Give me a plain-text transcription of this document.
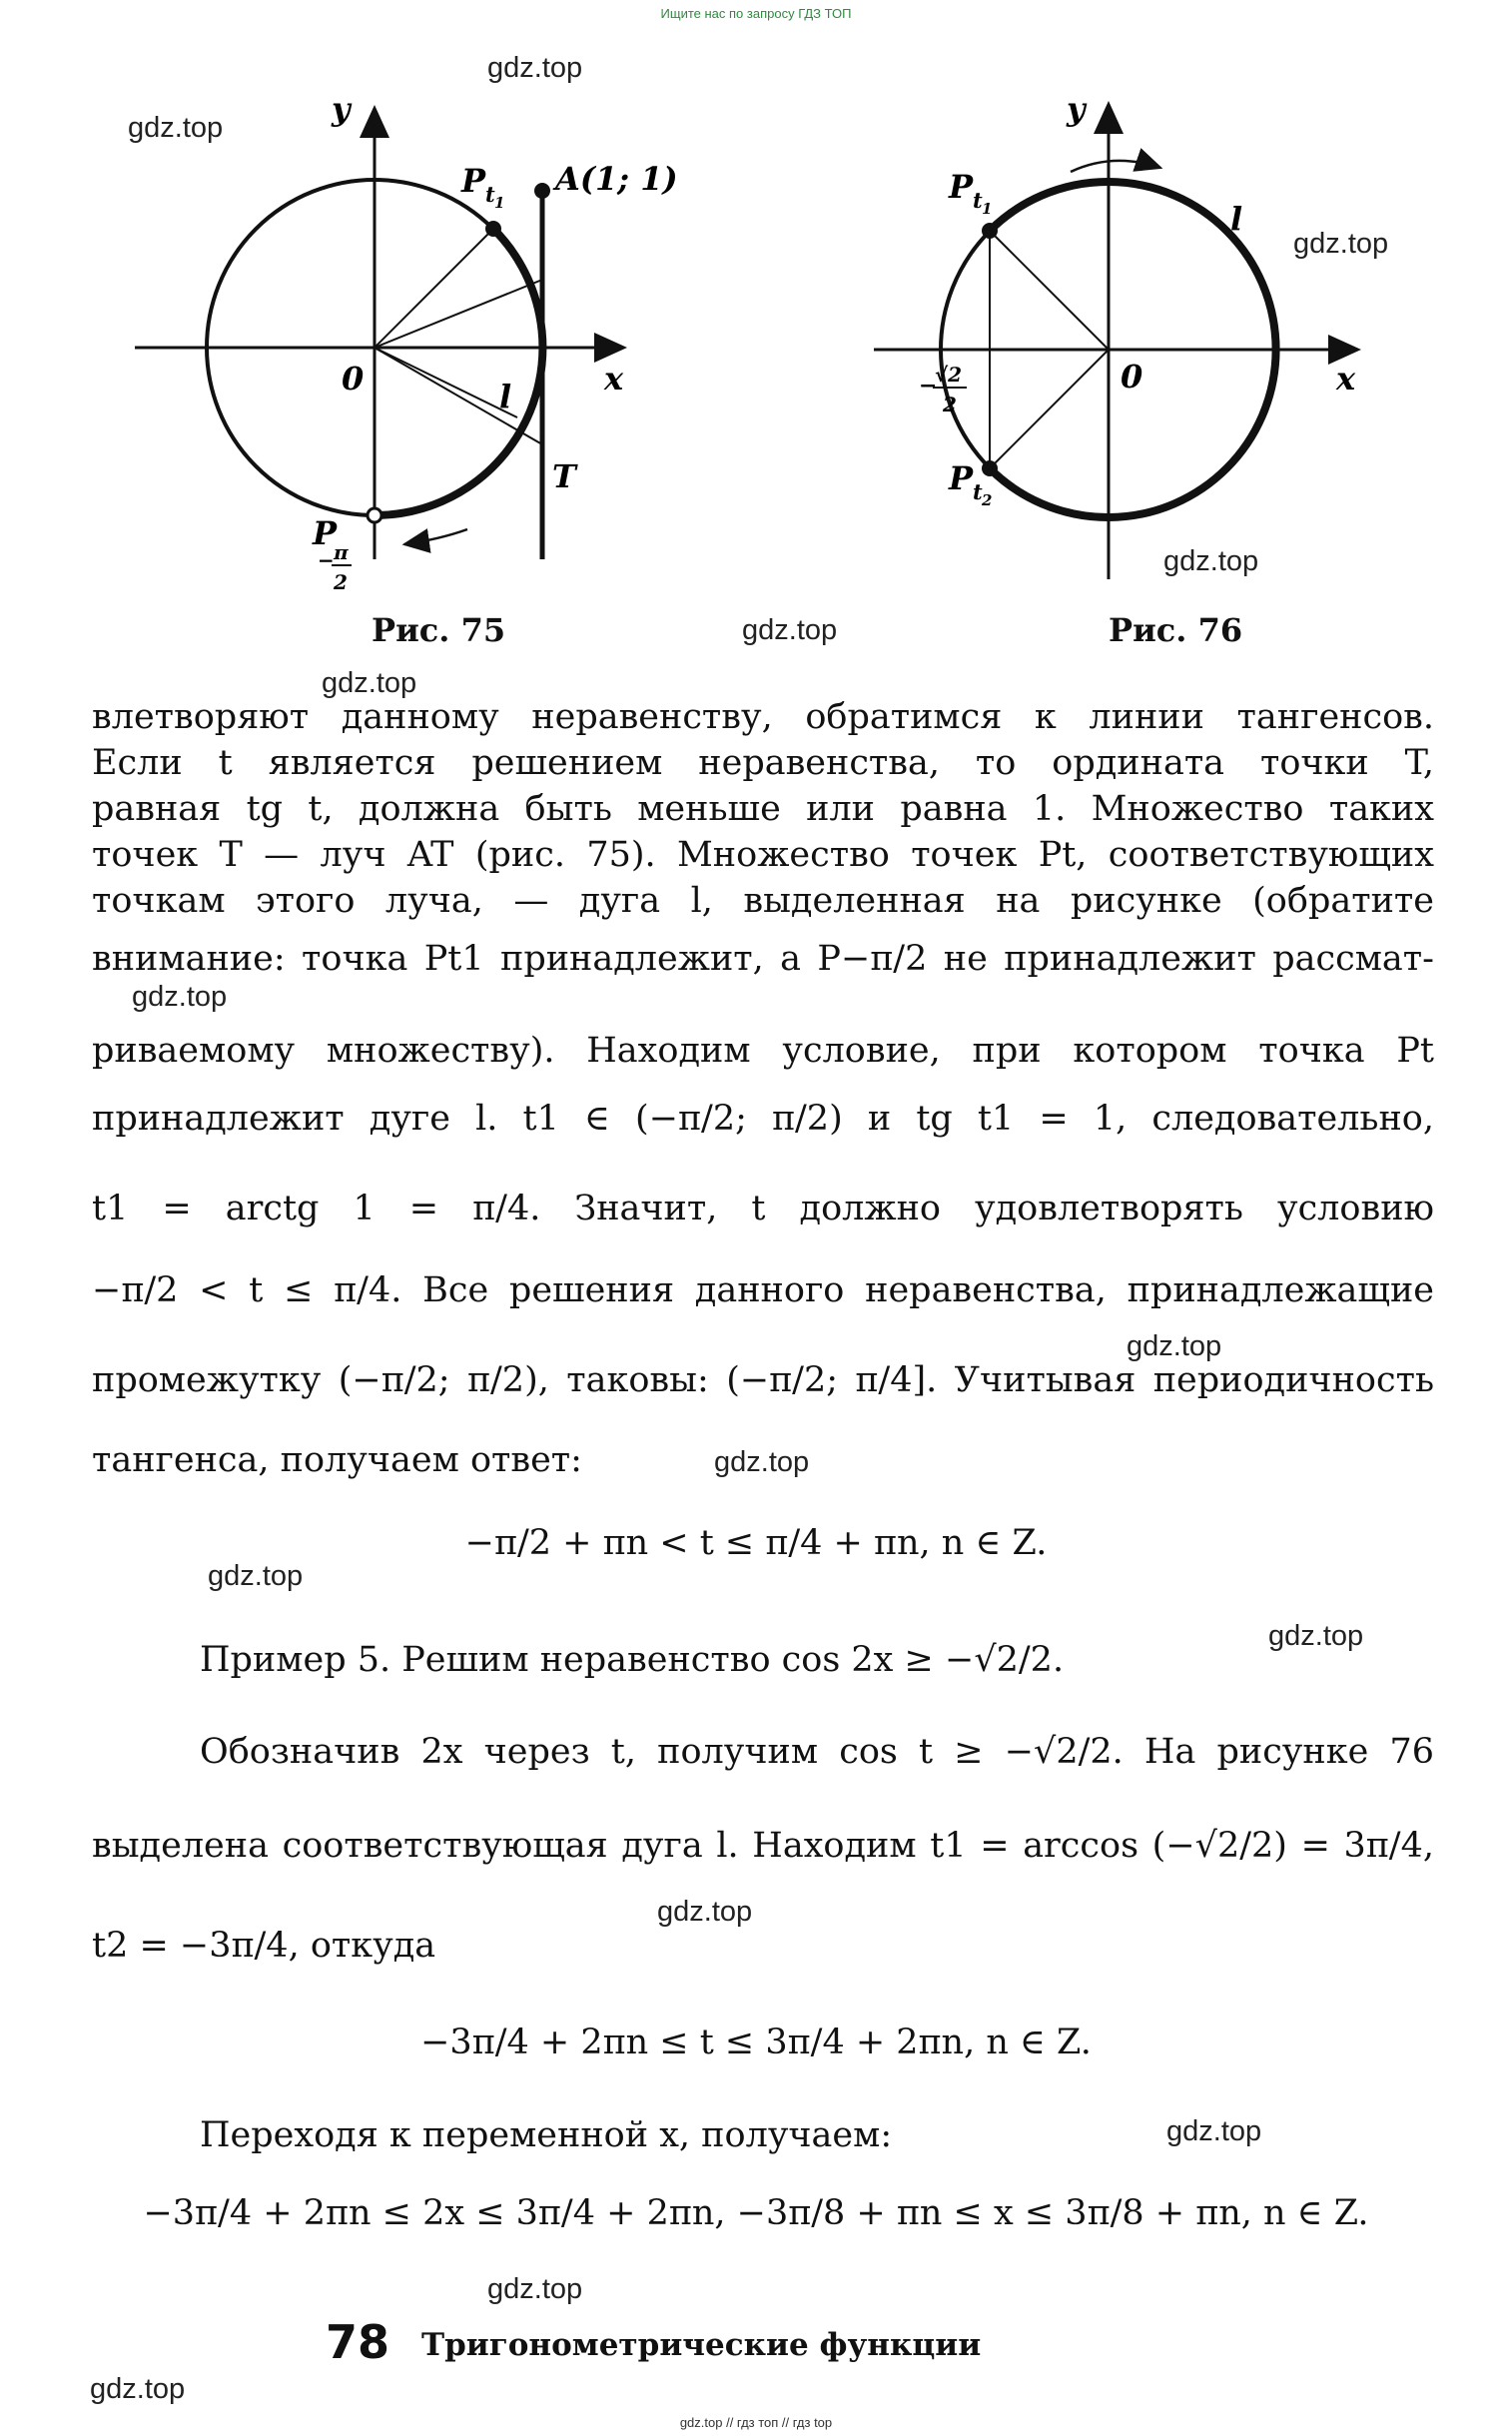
Ищите нас по запросу ГДЗ ТОП
gdz.top
gdz.top
gdz.top
gdz.top
gdz.top
gdz.top
gdz.top
gdz.top
gdz.top
gdz.top
gdz.top
gdz.top
gdz.top
gdz.top
gdz.top
y
x
0	l
T
A(1; 1)
P t 1
P
− π
2
Рис. 75
y
x
0
l
P t 1
P t 2
−
√2
2
Рис. 76
влетворяют данному неравенству, обратимся к линии тангенсов.
Если t является решением неравенства, то ордината точки T,
равная tg t, должна быть меньше или равна 1. Множество таких
точек T — луч AT (рис. 75). Множество точек Pt, соответствующих
точкам этого луча, — дуга l, выделенная на рисунке (обратите
внимание: точка Pt1 принадлежит, а P−π/2 не принадлежит рассмат-
риваемому множеству). Находим условие, при котором точка Pt
принадлежит дуге l. t1 ∈ (−π/2; π/2) и tg t1 = 1, следовательно,
t1 = arctg 1 = π/4. Значит, t должно удовлетворять условию
−π/2 < t ≤ π/4. Все решения данного неравенства, принадлежащие
промежутку (−π/2; π/2), таковы: (−π/2; π/4]. Учитывая периодичность
тангенса, получаем ответ:
−π/2 + πn < t ≤ π/4 + πn, n ∈ Z.
Пример 5. Решим неравенство cos 2x ≥ −√2/2.
Обозначив 2x через t, получим cos t ≥ −√2/2. На рисунке 76
выделена соответствующая дуга l. Находим t1 = arccos (−√2/2) = 3π/4,
t2 = −3π/4, откуда
−3π/4 + 2πn ≤ t ≤ 3π/4 + 2πn, n ∈ Z.
Переходя к переменной x, получаем:
−3π/4 + 2πn ≤ 2x ≤ 3π/4 + 2πn, −3π/8 + πn ≤ x ≤ 3π/8 + πn, n ∈ Z.
78 Тригонометрические функции
gdz.top // гдз топ // гдз top
